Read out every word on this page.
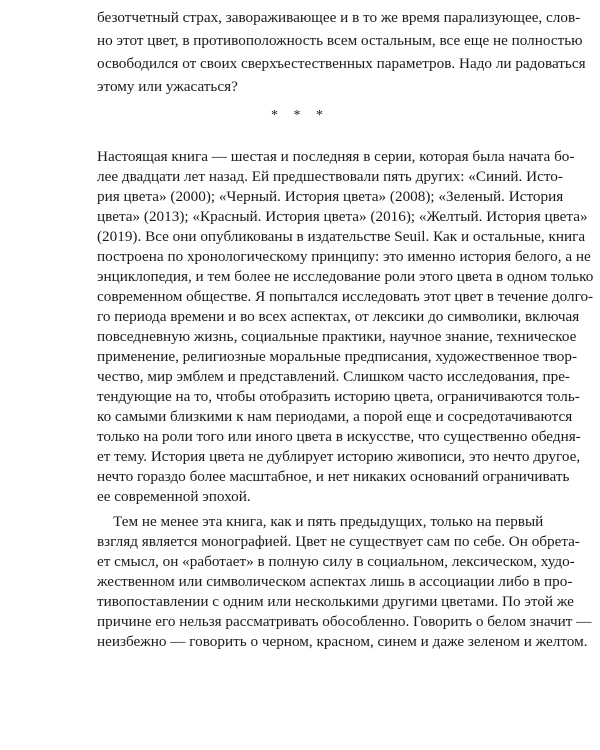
безотчетный страх, завораживающее и в то же время парализующее, слов-
но этот цвет, в противоположность всем остальным, все еще не полностью
освободился от своих сверхъестественных параметров. Надо ли радоваться
этому или ужасаться?
* * *
Настоящая книга — шестая и последняя в серии, которая была начата бо-
лее двадцати лет назад. Ей предшествовали пять других: «Синий. Исто-
рия цвета» (2000); «Черный. История цвета» (2008); «Зеленый. История
цвета» (2013); «Красный. История цвета» (2016); «Желтый. История цвета»
(2019). Все они опубликованы в издательстве Seuil. Как и остальные, книга
построена по хронологическому принципу: это именно история белого, а не
энциклопедия, и тем более не исследование роли этого цвета в одном только
современном обществе. Я попытался исследовать этот цвет в течение долго-
го периода времени и во всех аспектах, от лексики до символики, включая
повседневную жизнь, социальные практики, научное знание, техническое
применение, религиозные моральные предписания, художественное твор-
чество, мир эмблем и представлений. Слишком часто исследования, пре-
тендующие на то, чтобы отобразить историю цвета, ограничиваются толь-
ко самыми близкими к нам периодами, а порой еще и сосредотачиваются
только на роли того или иного цвета в искусстве, что существенно обедня-
ет тему. История цвета не дублирует историю живописи, это нечто другое,
нечто гораздо более масштабное, и нет никаких оснований ограничивать
ее современной эпохой.
Тем не менее эта книга, как и пять предыдущих, только на первый
взгляд является монографией. Цвет не существует сам по себе. Он обрета-
ет смысл, он «работает» в полную силу в социальном, лексическом, худо-
жественном или символическом аспектах лишь в ассоциации либо в про-
тивопоставлении с одним или несколькими другими цветами. По этой же
причине его нельзя рассматривать обособленно. Говорить о белом значит —
неизбежно — говорить о черном, красном, синем и даже зеленом и желтом.
